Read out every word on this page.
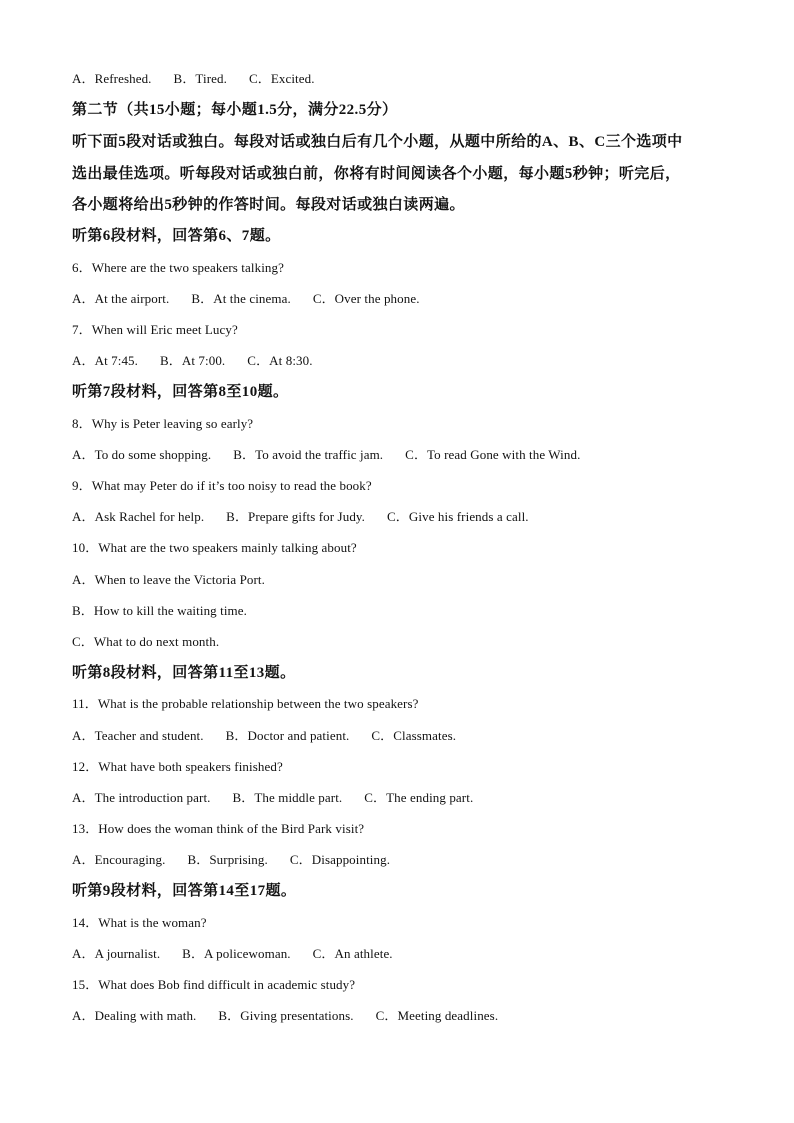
A．Refreshed. B．Tired. C．Excited.
第二节（共15小题；每小题1.5分，满分22.5分）
听下面5段对话或独白。每段对话或独白后有几个小题，从题中所给的A、B、C三个选项中
选出最佳选项。听每段对话或独白前，你将有时间阅读各个小题，每小题5秒钟；听完后，
各小题将给出5秒钟的作答时间。每段对话或独白读两遍。
听第6段材料，回答第6、7题。
6．Where are the two speakers talking?
A．At the airport. B．At the cinema. C．Over the phone.
7．When will Eric meet Lucy?
A．At 7:45. B．At 7:00. C．At 8:30.
听第7段材料，回答第8至10题。
8．Why is Peter leaving so early?
A．To do some shopping. B．To avoid the traffic jam. C．To read Gone with the Wind.
9．What may Peter do if it’s too noisy to read the book?
A．Ask Rachel for help. B．Prepare gifts for Judy. C．Give his friends a call.
10．What are the two speakers mainly talking about?
A．When to leave the Victoria Port.
B．How to kill the waiting time.
C．What to do next month.
听第8段材料，回答第11至13题。
11．What is the probable relationship between the two speakers?
A．Teacher and student. B．Doctor and patient. C．Classmates.
12．What have both speakers finished?
A．The introduction part. B．The middle part. C．The ending part.
13．How does the woman think of the Bird Park visit?
A．Encouraging. B．Surprising. C．Disappointing.
听第9段材料，回答第14至17题。
14．What is the woman?
A．A journalist. B．A policewoman. C．An athlete.
15．What does Bob find difficult in academic study?
A．Dealing with math. B．Giving presentations. C．Meeting deadlines.
